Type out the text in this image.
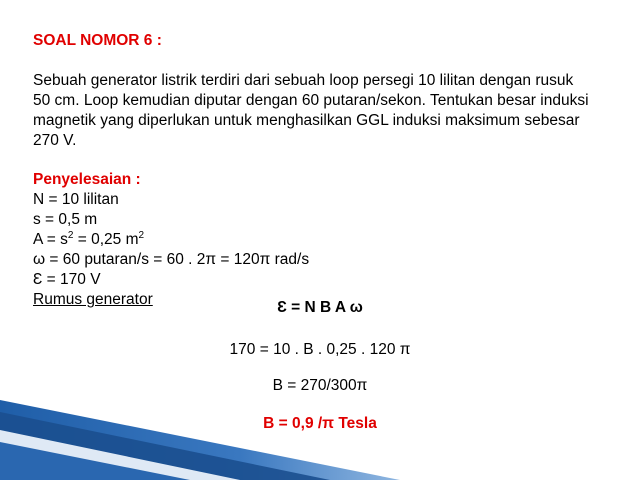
SOAL NOMOR 6 :
Sebuah generator listrik terdiri dari sebuah loop persegi 10 lilitan dengan rusuk
50 cm. Loop kemudian diputar dengan 60 putaran/sekon. Tentukan besar induksi
magnetik yang diperlukan untuk menghasilkan GGL induksi maksimum sebesar
270 V.
Penyelesaian :
N = 10 lilitan
s = 0,5 m
$A = s^2 = 0,25$ $m^2$
ω = 60 putaran/s = 60 . 2π = 120π rad/s
Ɛ = 170 V
Rumus generator	Ɛ = N B A ω
170 = 10 . B . 0,25 . 120 π
B = 270/300π
B = 0,9 /π Tesla
